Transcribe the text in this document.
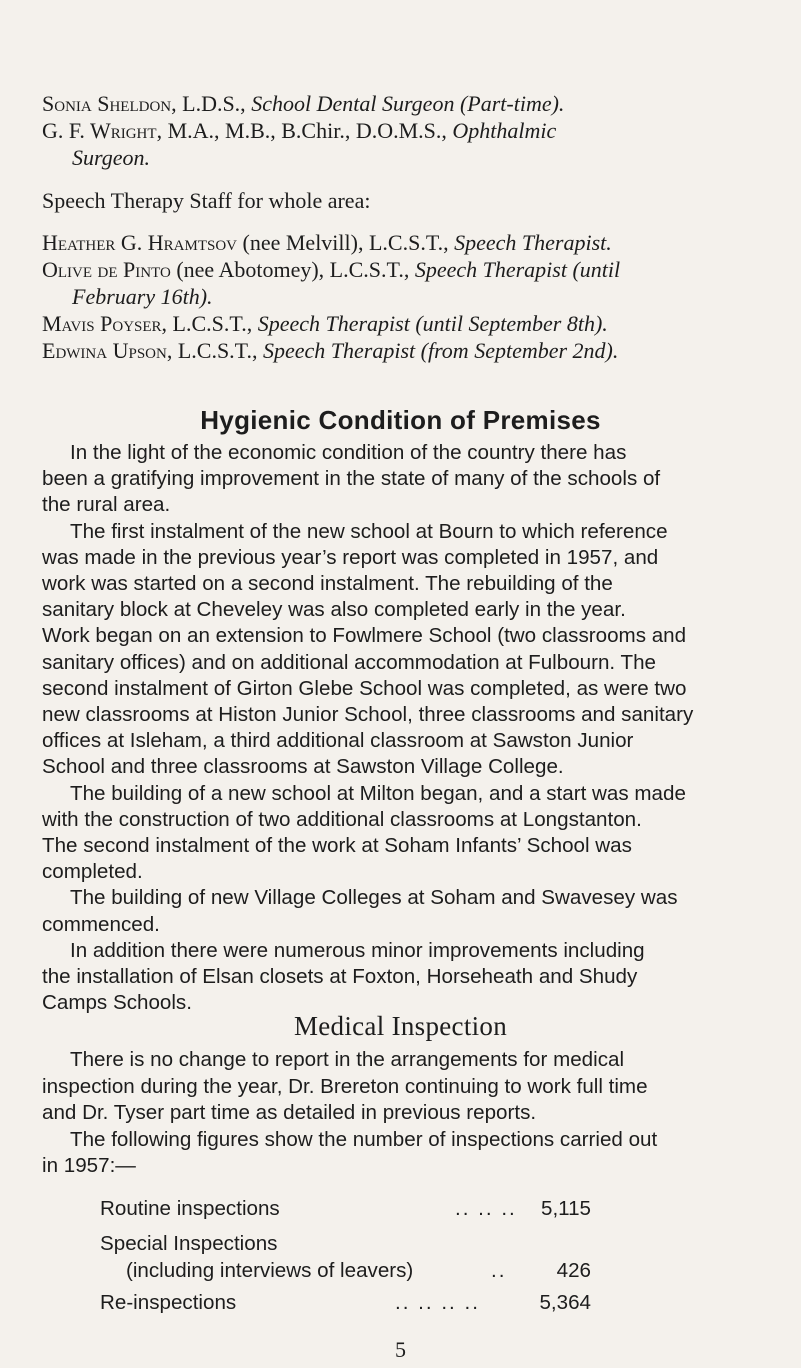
Sonia Sheldon, L.D.S., School Dental Surgeon (Part-time).
G. F. Wright, M.A., M.B., B.Chir., D.O.M.S., Ophthalmic
Surgeon.
Speech Therapy Staff for whole area:
Heather G. Hramtsov (nee Melvill), L.C.S.T., Speech Therapist.
Olive de Pinto (nee Abotomey), L.C.S.T., Speech Therapist (until
February 16th).
Mavis Poyser, L.C.S.T., Speech Therapist (until September 8th).
Edwina Upson, L.C.S.T., Speech Therapist (from September 2nd).
Hygienic Condition of Premises
In the light of the economic condition of the country there has
been a gratifying improvement in the state of many of the schools of
the rural area.
The first instalment of the new school at Bourn to which reference
was made in the previous year’s report was completed in 1957, and
work was started on a second instalment. The rebuilding of the
sanitary block at Cheveley was also completed early in the year.
Work began on an extension to Fowlmere School (two classrooms and
sanitary offices) and on additional accommodation at Fulbourn. The
second instalment of Girton Glebe School was completed, as were two
new classrooms at Histon Junior School, three classrooms and sanitary
offices at Isleham, a third additional classroom at Sawston Junior
School and three classrooms at Sawston Village College.
The building of a new school at Milton began, and a start was made
with the construction of two additional classrooms at Longstanton.
The second instalment of the work at Soham Infants’ School was
completed.
The building of new Village Colleges at Soham and Swavesey was
commenced.
In addition there were numerous minor improvements including
the installation of Elsan closets at Foxton, Horseheath and Shudy
Camps Schools.
Medical Inspection
There is no change to report in the arrangements for medical
inspection during the year, Dr. Brereton continuing to work full time
and Dr. Tyser part time as detailed in previous reports.
The following figures show the number of inspections carried out
in 1957:—
Routine inspections	.. .. .. 5,115
Special Inspections
(including interviews of leavers)	.. 426
Re-inspections	.. .. .. ..	5,364
5
